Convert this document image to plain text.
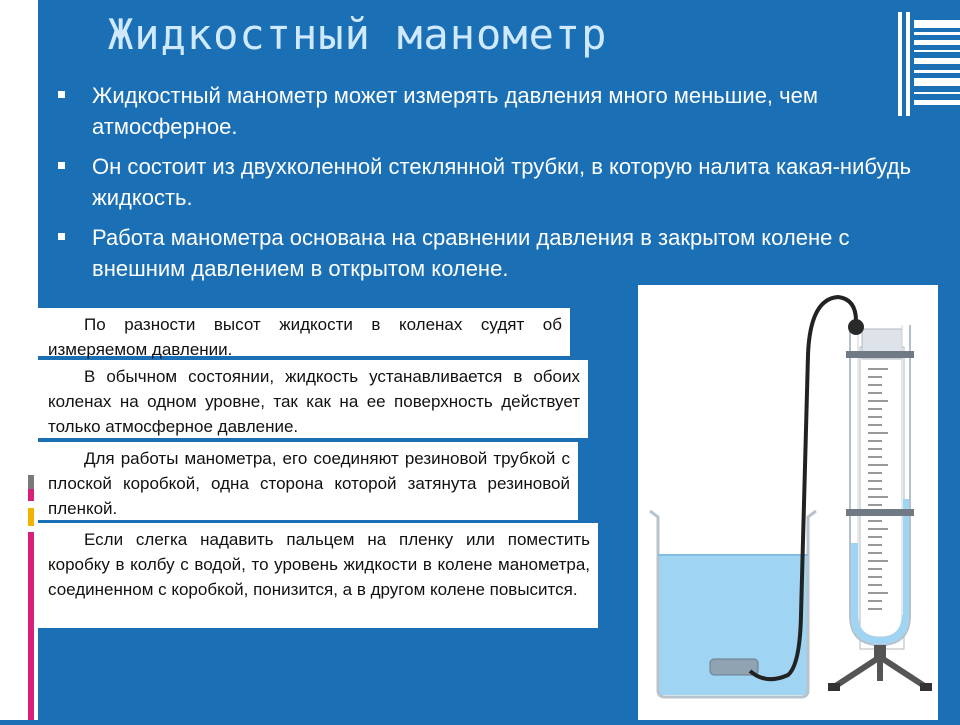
Жидкостный манометр
Жидкостный манометр может измерять давления много меньшие, чем атмосферное.
Он состоит из двухколенной стеклянной трубки, в которую налита какая-нибудь жидкость.
Работа манометра основана на сравнении давления в закрытом колене с внешним давлением в открытом колене.
По разности высот жидкости в коленах судят об измеряемом давлении.
В обычном состоянии, жидкость устанавливается в обоих коленах на одном уровне, так как на ее поверхность действует только атмосферное давление.
Для работы манометра, его соединяют резиновой трубкой с плоской коробкой, одна сторона которой затянута резиновой пленкой.
Если слегка надавить пальцем на пленку или поместить коробку в колбу с водой, то уровень жидкости в колене манометра, соединенном с коробкой, понизится, а в другом колене повысится.
